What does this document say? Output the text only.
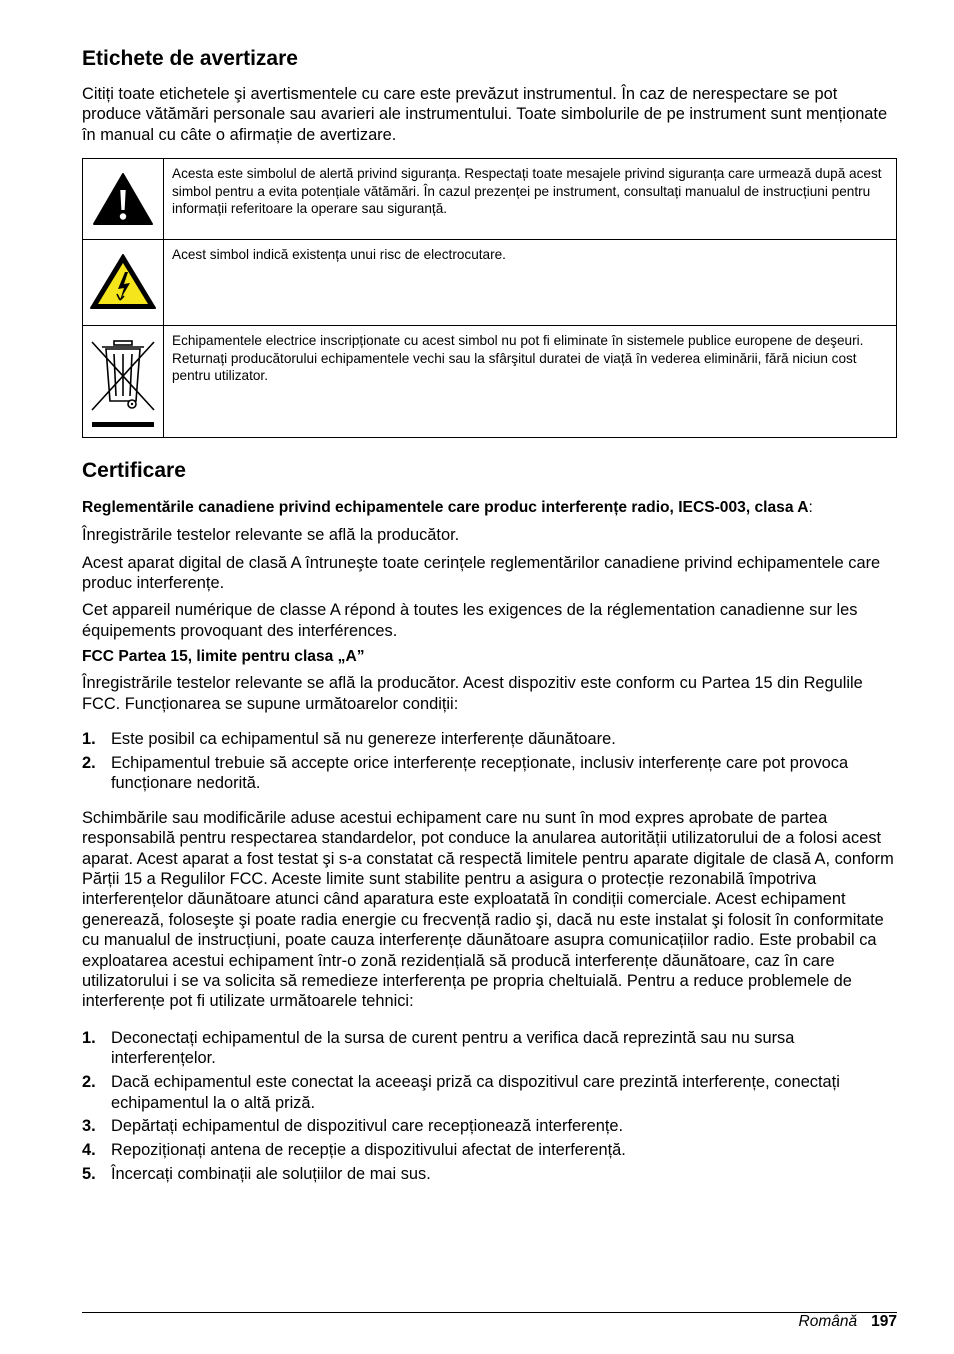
Etichete de avertizare

Citiți toate etichetele şi avertismentele cu care este prevăzut instrumentul. În caz de nerespectare se pot produce vătămări personale sau avarieri ale instrumentului. Toate simbolurile de pe instrument sunt menționate în manual cu câte o afirmație de avertizare.

	Acesta este simbolul de alertă privind siguranța. Respectați toate mesajele privind siguranța care urmează după acest simbol pentru a evita potențiale vătămări. În cazul prezenței pe instrument, consultați manualul de instrucțiuni pentru informații referitoare la operare sau siguranță.
	Acest simbol indică existența unui risc de electrocutare.
	Echipamentele electrice inscripționate cu acest simbol nu pot fi eliminate în sistemele publice europene de deşeuri. Returnați producătorului echipamentele vechi sau la sfârşitul duratei de viață în vederea eliminării, fără niciun cost pentru utilizator.
Certificare

Reglementările canadiene privind echipamentele care produc interferențe radio, IECS-003, clasa A:

Înregistrările testelor relevante se află la producător.

Acest aparat digital de clasă A întruneşte toate cerințele reglementărilor canadiene privind echipamentele care produc interferențe.

Cet appareil numérique de classe A répond à toutes les exigences de la réglementation canadienne sur les équipements provoquant des interférences.

FCC Partea 15, limite pentru clasa „A”

Înregistrările testelor relevante se află la producător. Acest dispozitiv este conform cu Partea 15 din Regulile FCC. Funcționarea se supune următoarelor condiții:

1. Este posibil ca echipamentul să nu genereze interferențe dăunătoare.
2. Echipamentul trebuie să accepte orice interferențe recepționate, inclusiv interferențe care pot provoca funcționare nedorită.

Schimbările sau modificările aduse acestui echipament care nu sunt în mod expres aprobate de partea responsabilă pentru respectarea standardelor, pot conduce la anularea autorității utilizatorului de a folosi acest aparat. Acest aparat a fost testat şi s-a constatat că respectă limitele pentru aparate digitale de clasă A, conform Părții 15 a Regulilor FCC. Aceste limite sunt stabilite pentru a asigura o protecție rezonabilă împotriva interferențelor dăunătoare atunci când aparatura este exploatată în condiții comerciale. Acest echipament generează, foloseşte şi poate radia energie cu frecvență radio şi, dacă nu este instalat şi folosit în conformitate cu manualul de instrucțiuni, poate cauza interferențe dăunătoare asupra comunicațiilor radio. Este probabil ca exploatarea acestui echipament într-o zonă rezidențială să producă interferențe dăunătoare, caz în care utilizatorului i se va solicita să remedieze interferența pe propria cheltuială. Pentru a reduce problemele de interferențe pot fi utilizate următoarele tehnici:

1. Deconectați echipamentul de la sursa de curent pentru a verifica dacă reprezintă sau nu sursa interferențelor.
2. Dacă echipamentul este conectat la aceeaşi priză ca dispozitivul care prezintă interferențe, conectați echipamentul la o altă priză.
3. Depărtați echipamentul de dispozitivul care recepționează interferențe.
4. Repoziționați antena de recepție a dispozitivului afectat de interferență.
5. Încercați combinații ale soluțiilor de mai sus.
Română 197
